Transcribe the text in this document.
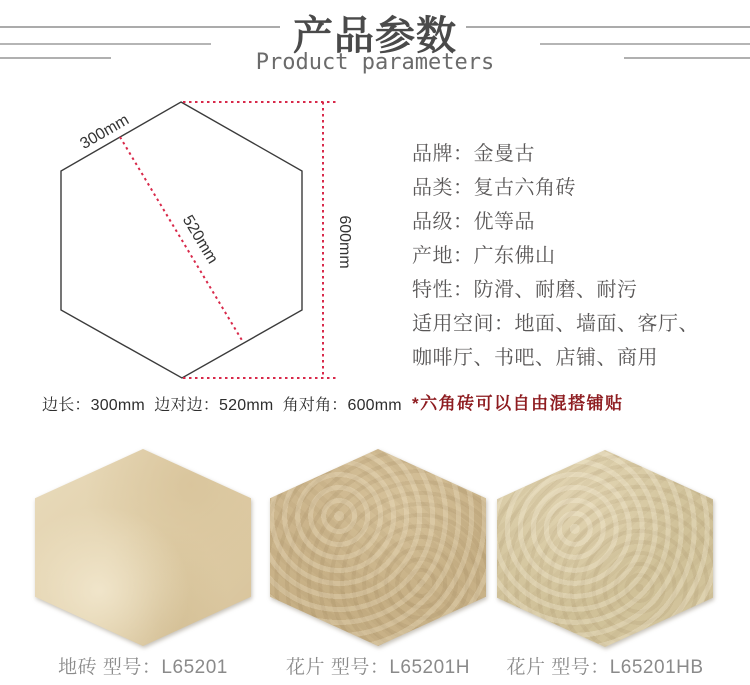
产品参数
Product parameters
300mm
520mm	600mm
边长：300mm  边对边：520mm  角对角：600mm
品牌：金曼古
品类：复古六角砖
品级：优等品
产地：广东佛山
特性：防滑、耐磨、耐污
适用空间：地面、墙面、客厅、
咖啡厅、书吧、店铺、商用
*六角砖可以自由混搭铺贴
地砖 型号：L65201	花片 型号：L65201H	花片 型号：L65201HB
